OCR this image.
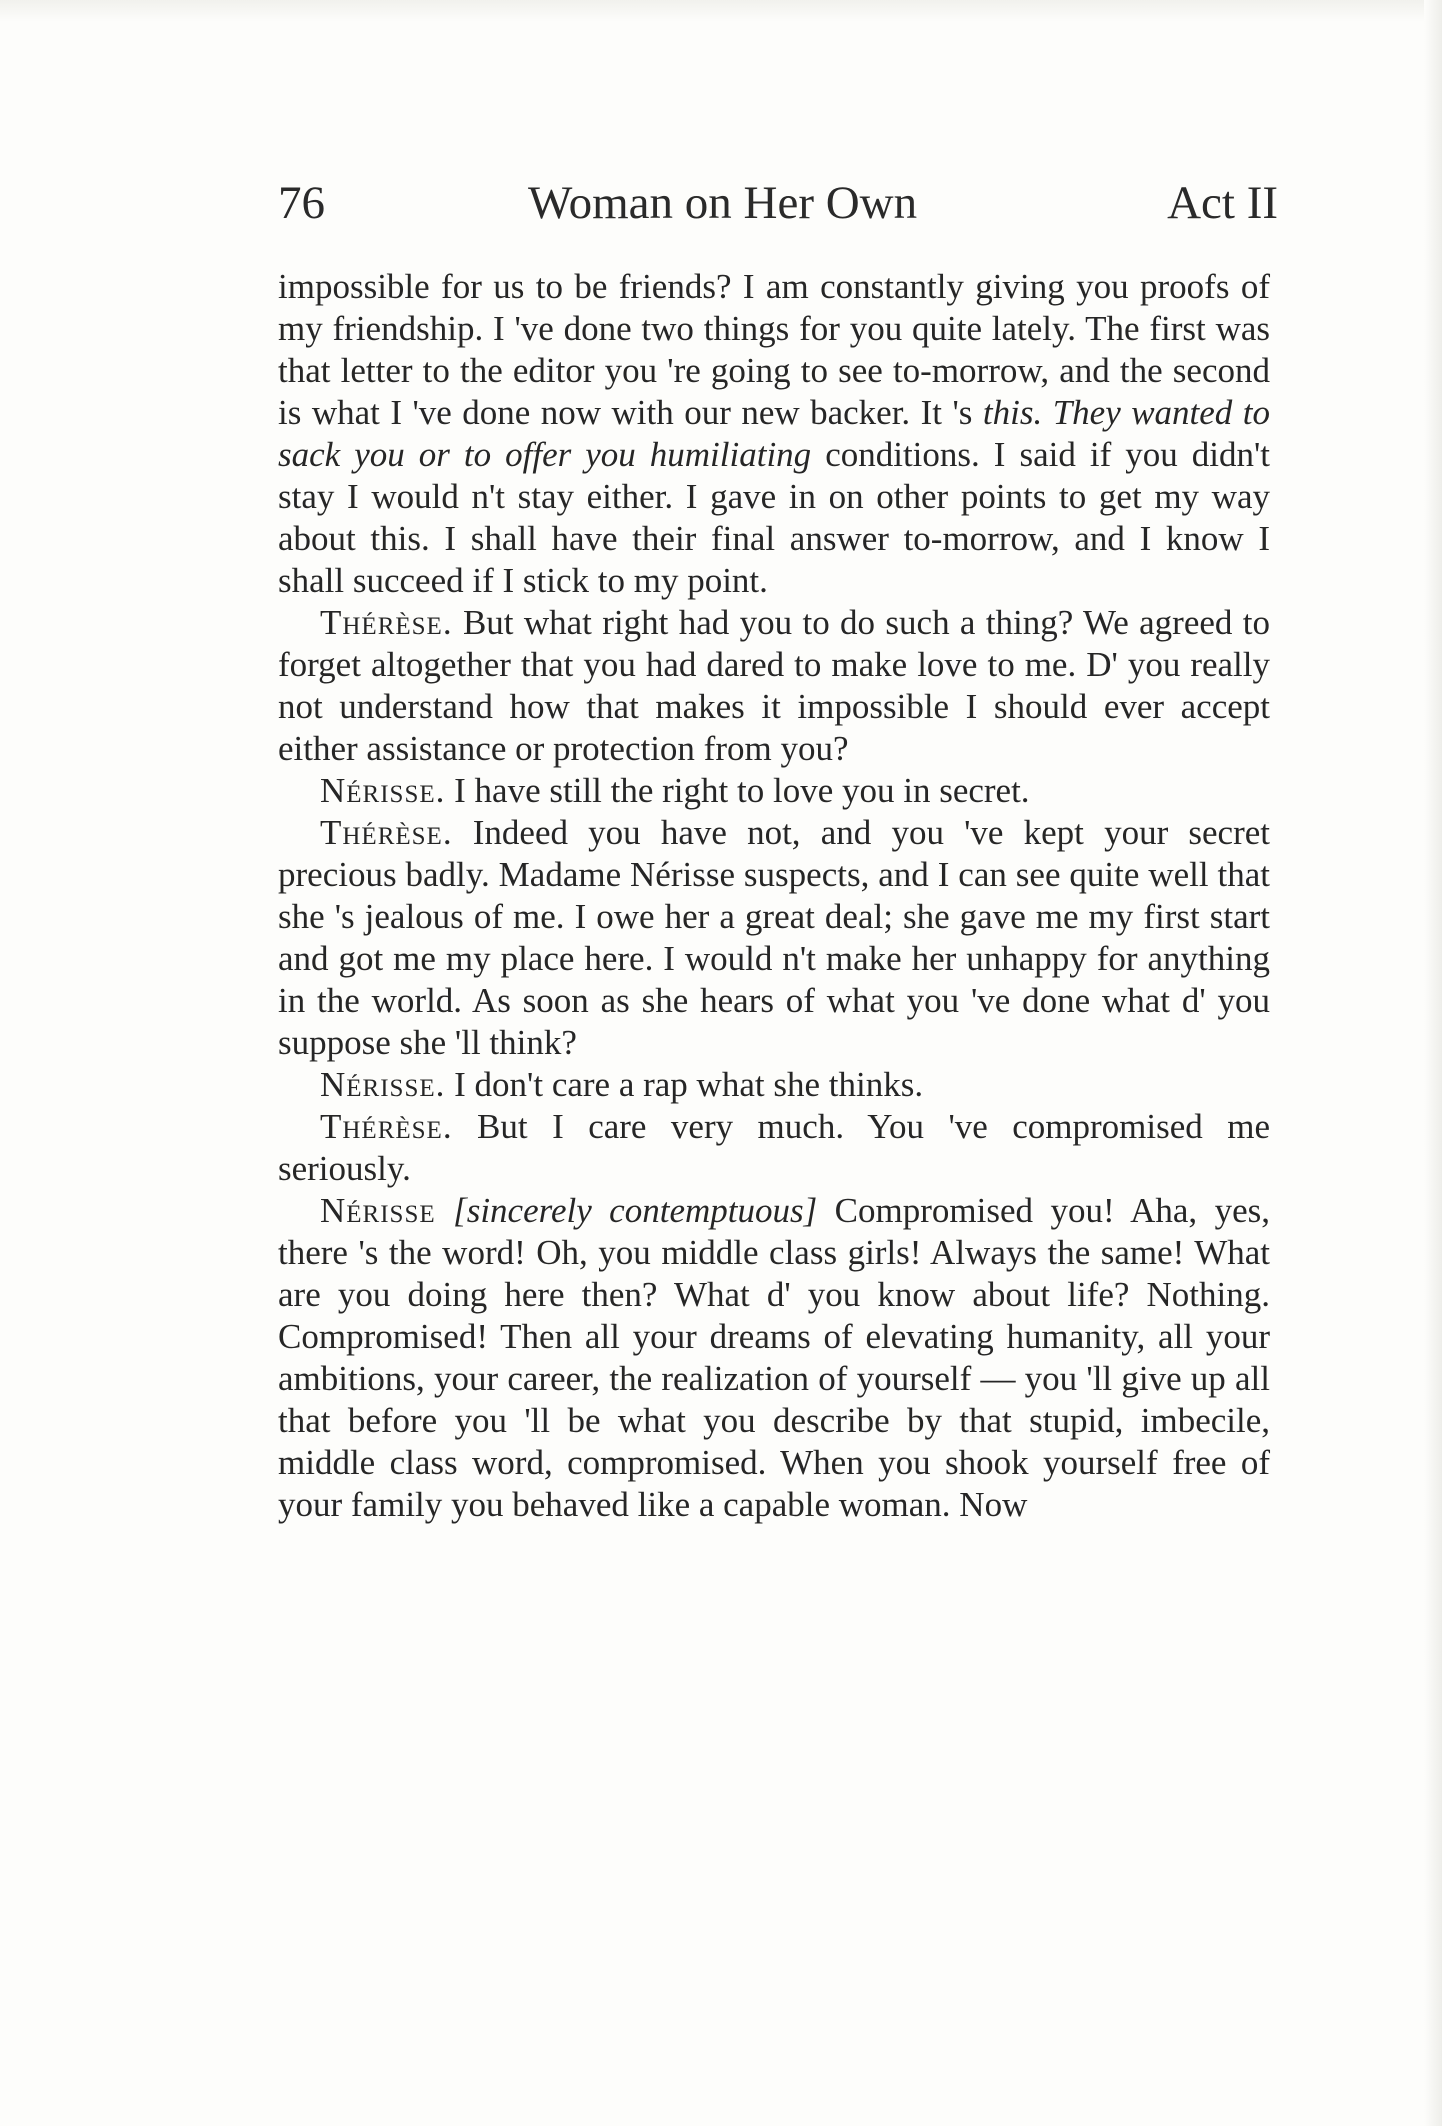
76	Woman on Her Own	Act II

impossible for us to be friends? I am constantly giving you proofs of my friendship. I 've done two things for you quite lately. The first was that letter to the editor you 're going to see to-morrow, and the second is what I 've done now with our new backer. It 's this. They wanted to sack you or to offer you humiliating conditions. I said if you didn't stay I would n't stay either. I gave in on other points to get my way about this. I shall have their final answer to-morrow, and I know I shall succeed if I stick to my point.

Thérèse. But what right had you to do such a thing? We agreed to forget altogether that you had dared to make love to me. D' you really not understand how that makes it impossible I should ever accept either assistance or protection from you?

Nérisse. I have still the right to love you in secret.

Thérèse. Indeed you have not, and you 've kept your secret precious badly. Madame Nérisse suspects, and I can see quite well that she 's jealous of me. I owe her a great deal; she gave me my first start and got me my place here. I would n't make her unhappy for anything in the world. As soon as she hears of what you 've done what d' you suppose she 'll think?

Nérisse. I don't care a rap what she thinks.

Thérèse. But I care very much. You 've compromised me seriously.

Nérisse [sincerely contemptuous] Compromised you! Aha, yes, there 's the word! Oh, you middle class girls! Always the same! What are you doing here then? What d' you know about life? Nothing. Compromised! Then all your dreams of elevating humanity, all your ambitions, your career, the realization of yourself — you 'll give up all that before you 'll be what you describe by that stupid, imbecile, middle class word, compromised. When you shook yourself free of your family you behaved like a capable woman. Now
